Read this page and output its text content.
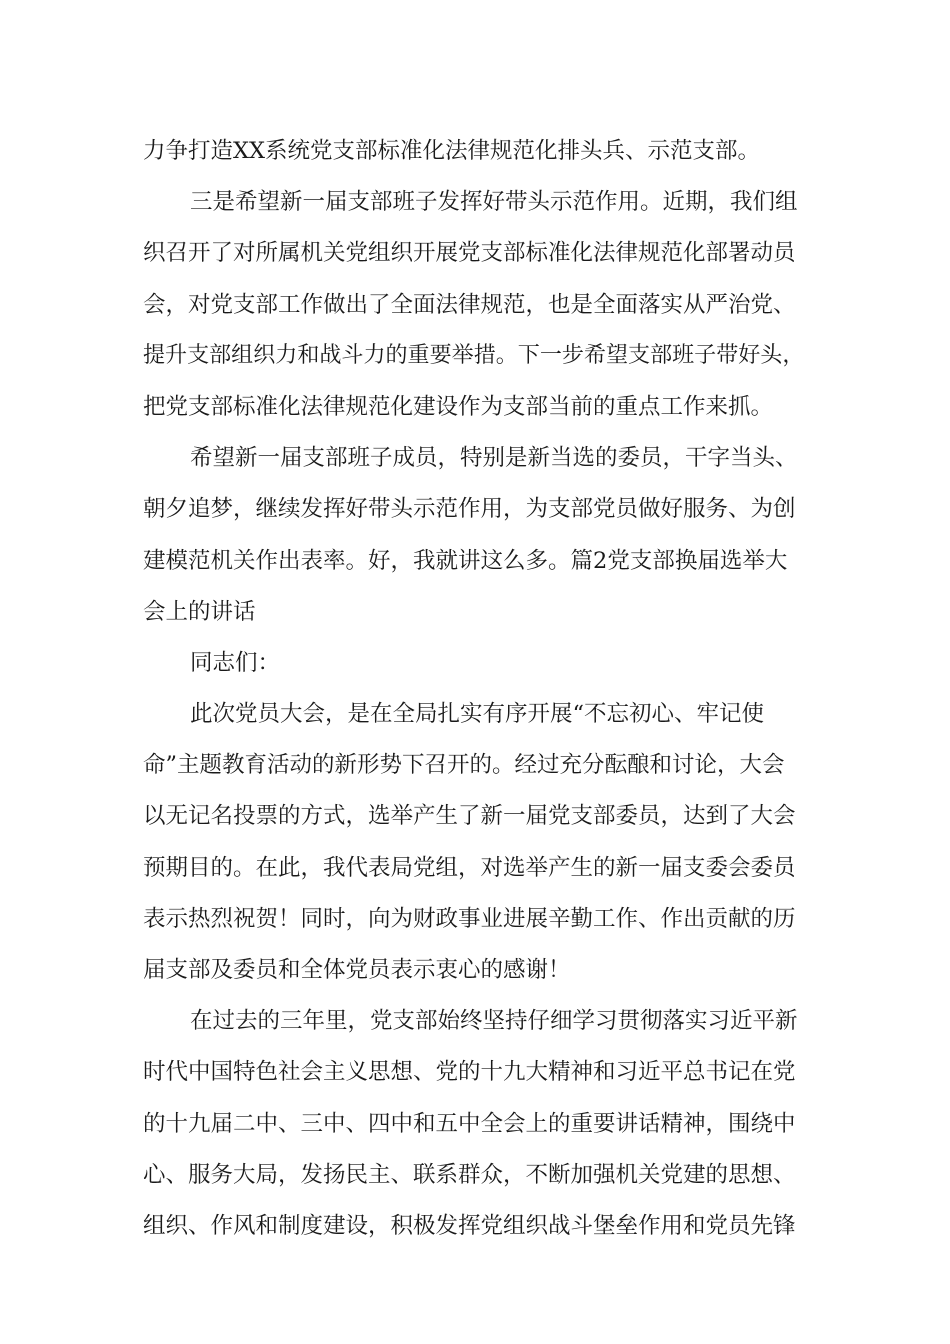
力争打造XX系统党支部标准化法律规范化排头兵、示范支部。
三是希望新一届支部班子发挥好带头示范作用。近期，我们组
织召开了对所属机关党组织开展党支部标准化法律规范化部署动员
会，对党支部工作做出了全面法律规范，也是全面落实从严治党、
提升支部组织力和战斗力的重要举措。下一步希望支部班子带好头，
把党支部标准化法律规范化建设作为支部当前的重点工作来抓。
希望新一届支部班子成员，特别是新当选的委员，干字当头、
朝夕追梦，继续发挥好带头示范作用，为支部党员做好服务、为创
建模范机关作出表率。好，我就讲这么多。篇2党支部换届选举大
会上的讲话
同志们：
此次党员大会，是在全局扎实有序开展“不忘初心、牢记使
命”主题教育活动的新形势下召开的。经过充分酝酿和讨论，大会
以无记名投票的方式，选举产生了新一届党支部委员，达到了大会
预期目的。在此，我代表局党组，对选举产生的新一届支委会委员
表示热烈祝贺！同时，向为财政事业进展辛勤工作、作出贡献的历
届支部及委员和全体党员表示衷心的感谢！
在过去的三年里，党支部始终坚持仔细学习贯彻落实习近平新
时代中国特色社会主义思想、党的十九大精神和习近平总书记在党
的十九届二中、三中、四中和五中全会上的重要讲话精神，围绕中
心、服务大局，发扬民主、联系群众，不断加强机关党建的思想、
组织、作风和制度建设，积极发挥党组织战斗堡垒作用和党员先锋
